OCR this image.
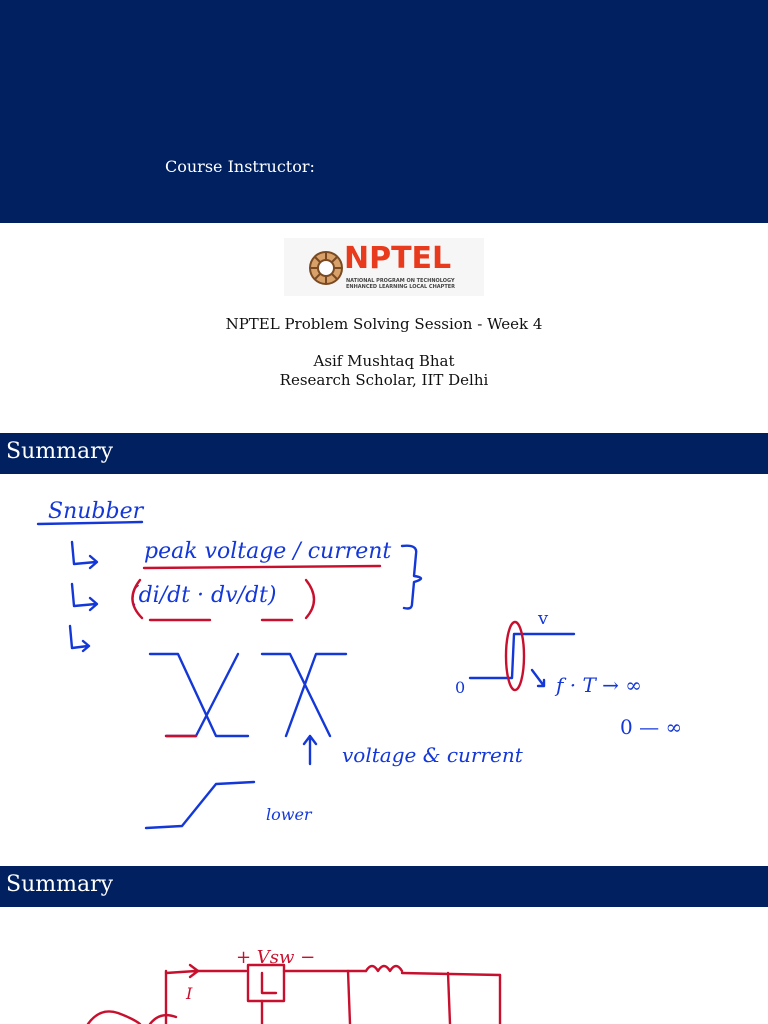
Course Instructor:
NPTEL
NATIONAL PROGRAM ON TECHNOLOGY
ENHANCED LEARNING LOCAL CHAPTER
NPTEL Problem Solving Session - Week 4
Asif Mushtaq Bhat
Research Scholar, IIT Delhi
Summary
Snubber
peak voltage / current
(di/dt · dv/dt)
voltage & current
lower
0
v
f · T → ∞
0 — ∞
Summary
+ Vsw −
I
